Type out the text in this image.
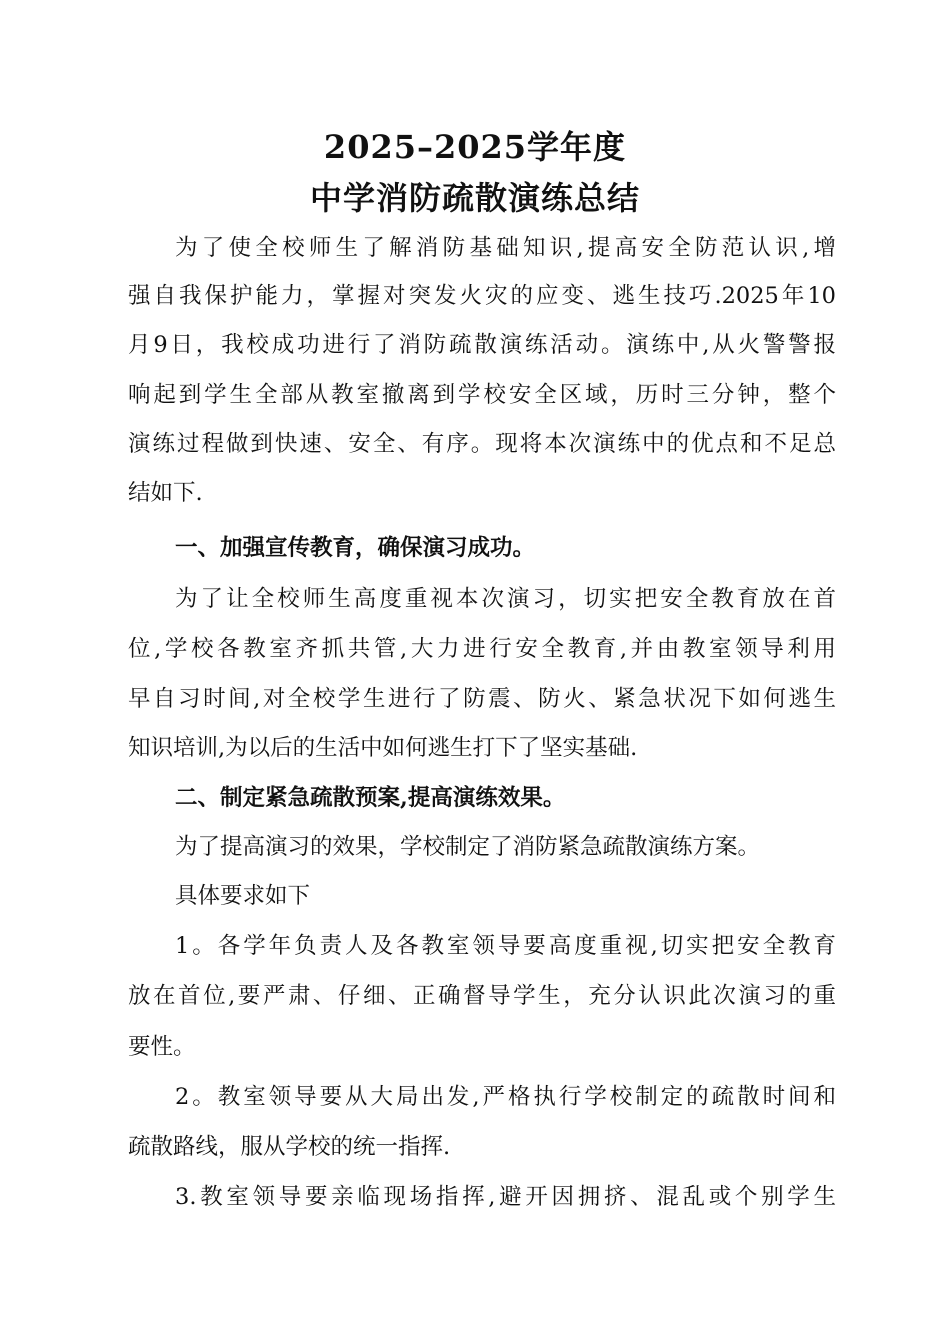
2025–2025学年度
中学消防疏散演练总结
为了使全校师生了解消防基础知识,提高安全防范认识,增
强自我保护能力，掌握对突发火灾的应变、逃生技巧.2025年10
月9日，我校成功进行了消防疏散演练活动。演练中,从火警警报
响起到学生全部从教室撤离到学校安全区域，历时三分钟，整个
演练过程做到快速、安全、有序。现将本次演练中的优点和不足总
结如下.
一、加强宣传教育，确保演习成功。
为了让全校师生高度重视本次演习，切实把安全教育放在首
位,学校各教室齐抓共管,大力进行安全教育,并由教室领导利用
早自习时间,对全校学生进行了防震、防火、紧急状况下如何逃生
知识培训,为以后的生活中如何逃生打下了坚实基础.
二、制定紧急疏散预案,提高演练效果。
为了提高演习的效果，学校制定了消防紧急疏散演练方案。
具体要求如下
1。各学年负责人及各教室领导要高度重视,切实把安全教育
放在首位,要严肃、仔细、正确督导学生，充分认识此次演习的重
要性。
2。教室领导要从大局出发,严格执行学校制定的疏散时间和
疏散路线，服从学校的统一指挥.
3.教室领导要亲临现场指挥,避开因拥挤、混乱或个别学生
